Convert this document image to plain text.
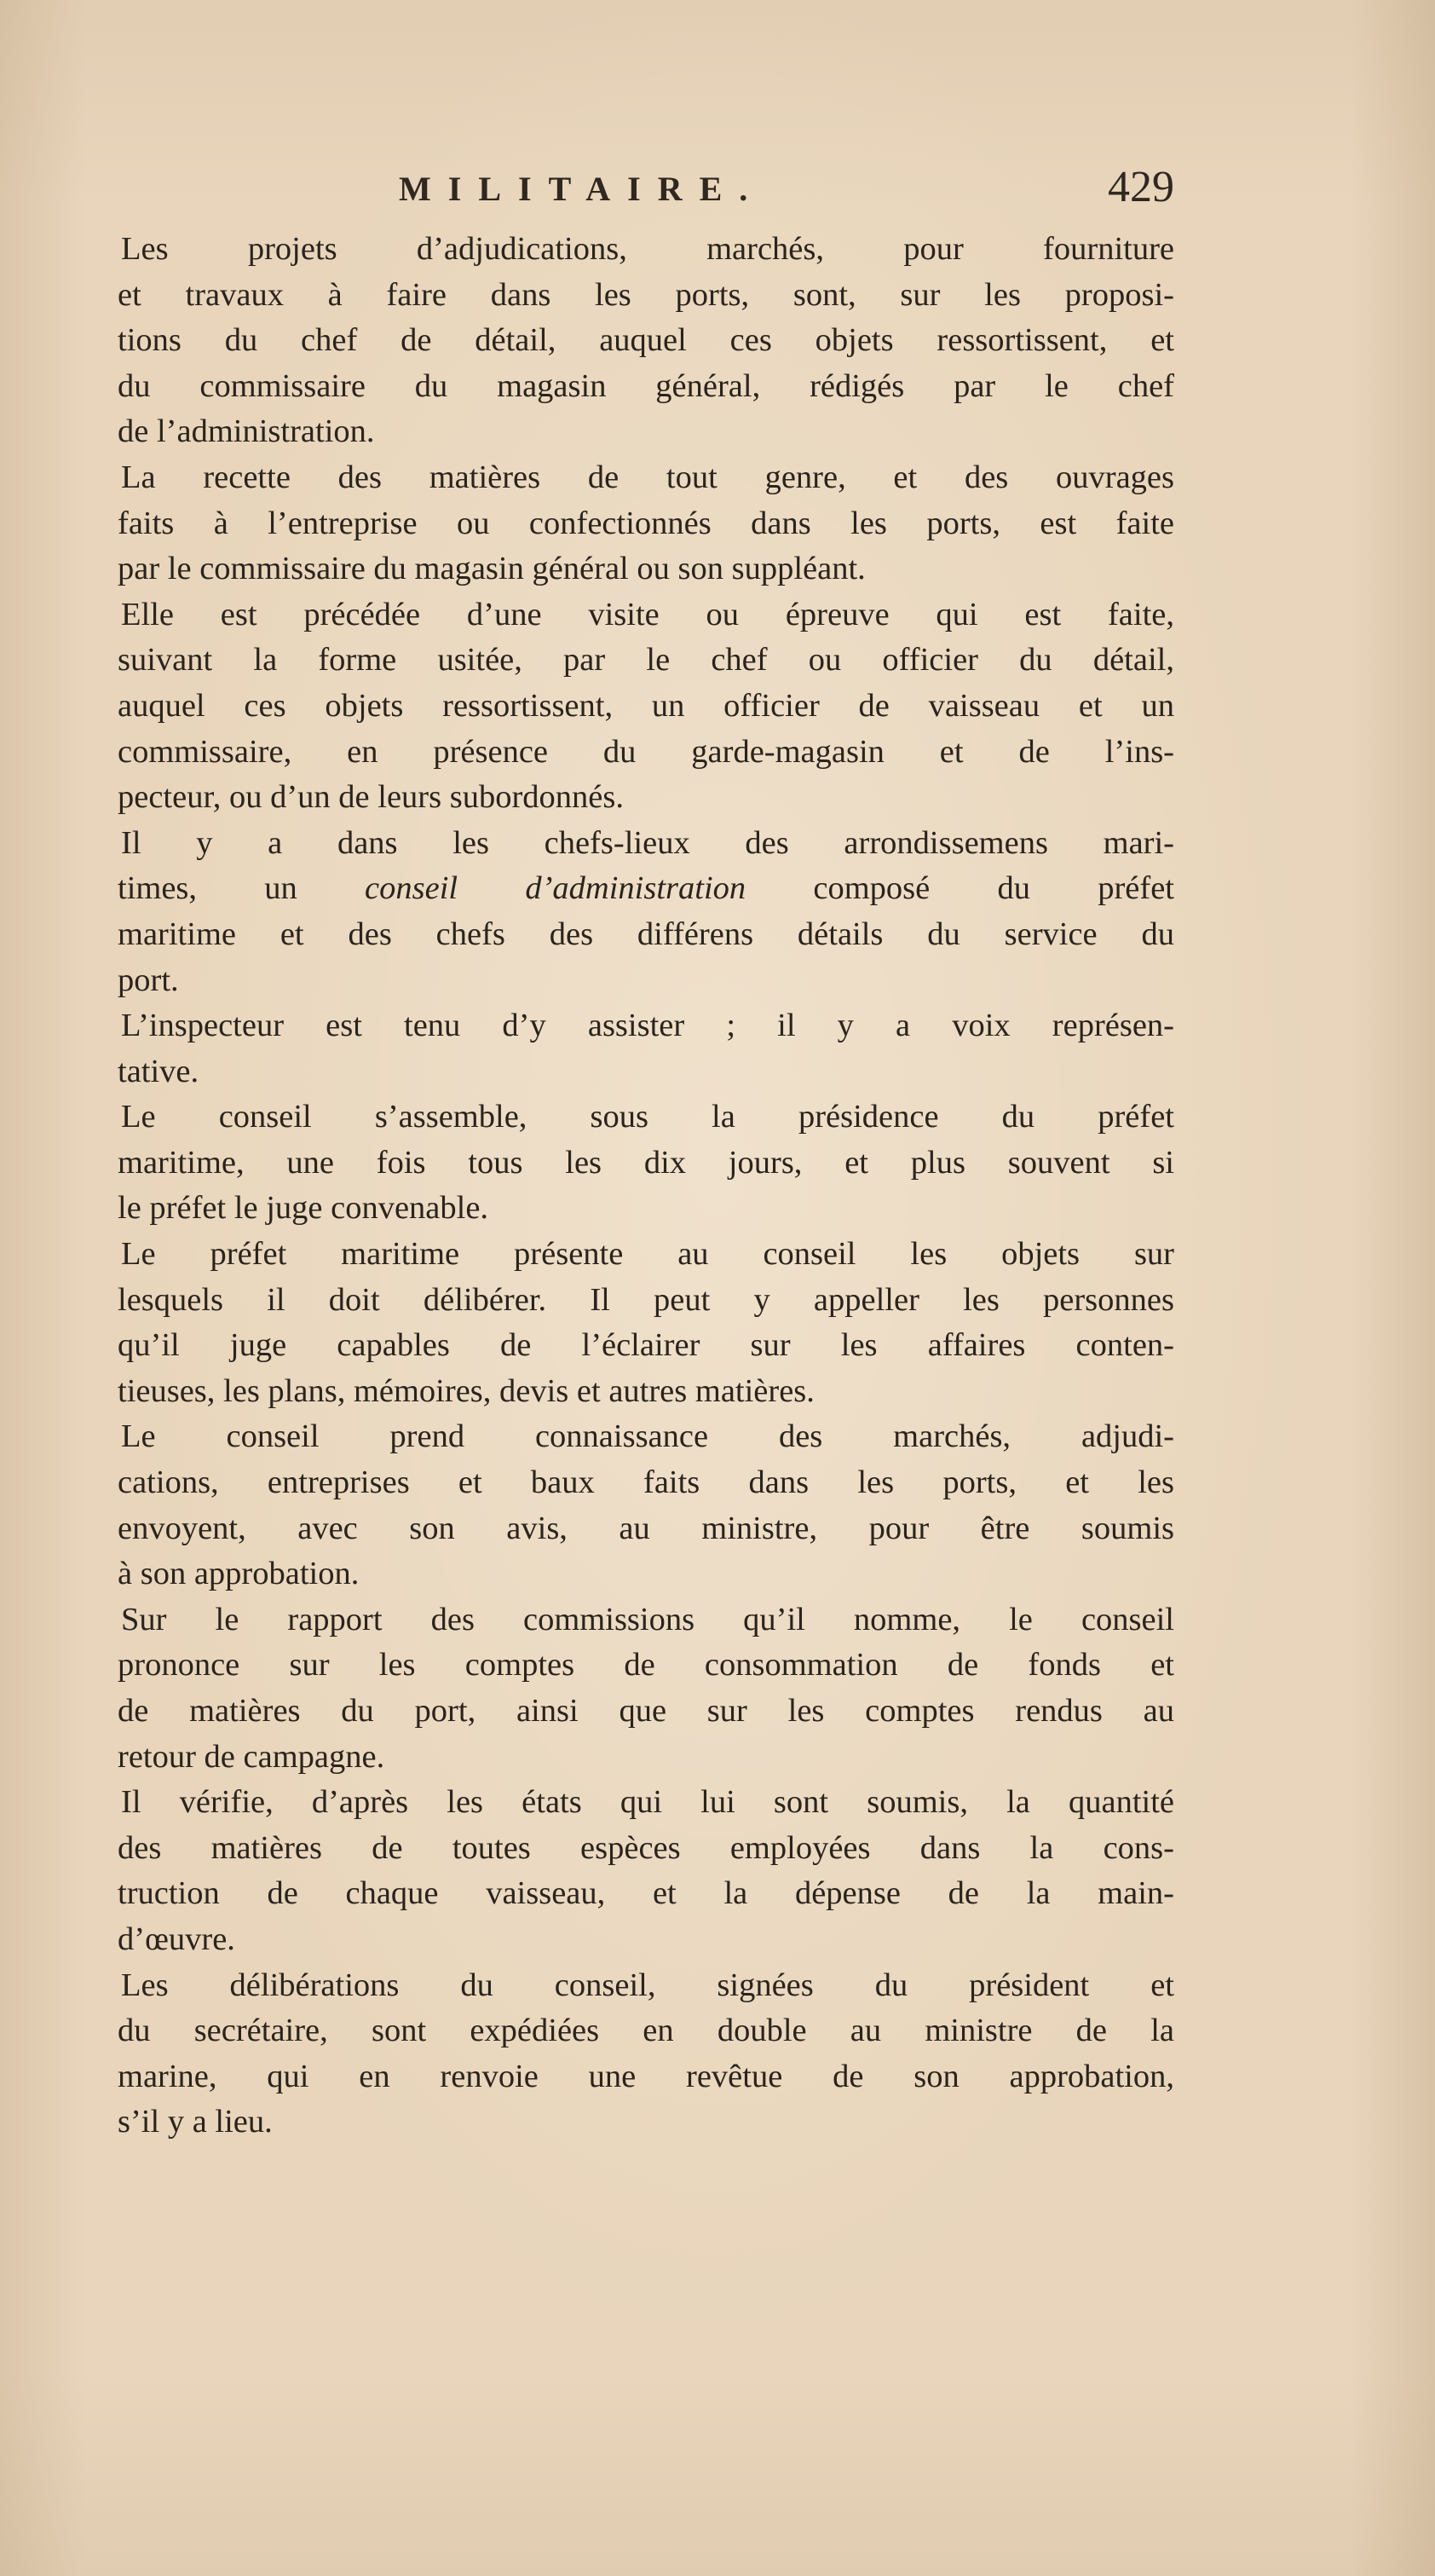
MILITAIRE.	429
Les projets d’adjudications, marchés, pour fourniture
et travaux à faire dans les ports, sont, sur les proposi-
tions du chef de détail, auquel ces objets ressortissent, et
du commissaire du magasin général, rédigés par le chef
de l’administration.
La recette des matières de tout genre, et des ouvrages
faits à l’entreprise ou confectionnés dans les ports, est faite
par le commissaire du magasin général ou son suppléant.
Elle est précédée d’une visite ou épreuve qui est faite,
suivant la forme usitée, par le chef ou officier du détail,
auquel ces objets ressortissent, un officier de vaisseau et un
commissaire, en présence du garde-magasin et de l’ins-
pecteur, ou d’un de leurs subordonnés.
Il y a dans les chefs-lieux des arrondissemens mari-
times, un conseil d’administration composé du préfet
maritime et des chefs des différens détails du service du
port.
L’inspecteur est tenu d’y assister ; il y a voix représen-
tative.
Le conseil s’assemble, sous la présidence du préfet
maritime, une fois tous les dix jours, et plus souvent si
le préfet le juge convenable.
Le préfet maritime présente au conseil les objets sur
lesquels il doit délibérer. Il peut y appeller les personnes
qu’il juge capables de l’éclairer sur les affaires conten-
tieuses, les plans, mémoires, devis et autres matières.
Le conseil prend connaissance des marchés, adjudi-
cations, entreprises et baux faits dans les ports, et les
envoyent, avec son avis, au ministre, pour être soumis
à son approbation.
Sur le rapport des commissions qu’il nomme, le conseil
prononce sur les comptes de consommation de fonds et
de matières du port, ainsi que sur les comptes rendus au
retour de campagne.
Il vérifie, d’après les états qui lui sont soumis, la quantité
des matières de toutes espèces employées dans la cons-
truction de chaque vaisseau, et la dépense de la main-
d’œuvre.
Les délibérations du conseil, signées du président et
du secrétaire, sont expédiées en double au ministre de la
marine, qui en renvoie une revêtue de son approbation,
s’il y a lieu.
